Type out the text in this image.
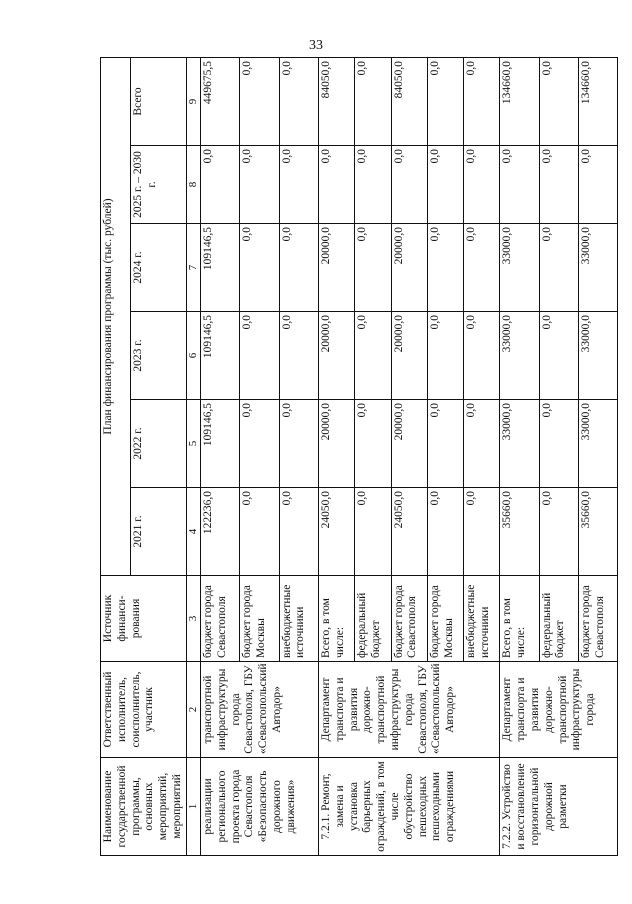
33
Наименование государственной программы, основных мероприятий, мероприятий	Ответственный исполнитель, соисполнитель, участник	Источник финанси-рования	План финансирования программы (тыс. рублей)					
			2021 г.	2022 г.	2023 г.	2024 г.	2025 г. – 2030 г.	Всего
1	2	3	4	5	6	7	8	9
реализации регионального проекта города Севастополя «Безопасность дорожного движения»	транспортной инфраструктуры города Севастополя, ГБУ «Севастопольский Автодор»	бюджет города Севастополя	122236,0	109146,5	109146,5	109146,5	0,0	449675,5
		бюджет города Москвы	0,0	0,0	0,0	0,0	0,0	0,0
		внебюджетные источники	0,0	0,0	0,0	0,0	0,0	0,0
7.2.1. Ремонт, замена и установка барьерных ограждений, в том числе обустройство пешеходных пешеходными ограждениями	Департамент транспорта и развития дорожно-транспортной инфраструктуры города Севастополя, ГБУ «Севастопольский Автодор»	Всего, в том числе:	24050,0	20000,0	20000,0	20000,0	0,0	84050,0
		федеральный бюджет	0,0	0,0	0,0	0,0	0,0	0,0
		бюджет города Севастополя	24050,0	20000,0	20000,0	20000,0	0,0	84050,0
		бюджет города Москвы	0,0	0,0	0,0	0,0	0,0	0,0
		внебюджетные источники	0,0	0,0	0,0	0,0	0,0	0,0
7.2.2. Устройство и восстановление горизонтальной дорожной разметки	Департамент транспорта и развития дорожно-транспортной инфраструктуры города	Всего, в том числе:	35660,0	33000,0	33000,0	33000,0	0,0	134660,0
		федеральный бюджет	0,0	0,0	0,0	0,0	0,0	0,0
		бюджет города Севастополя	35660,0	33000,0	33000,0	33000,0	0,0	134660,0
